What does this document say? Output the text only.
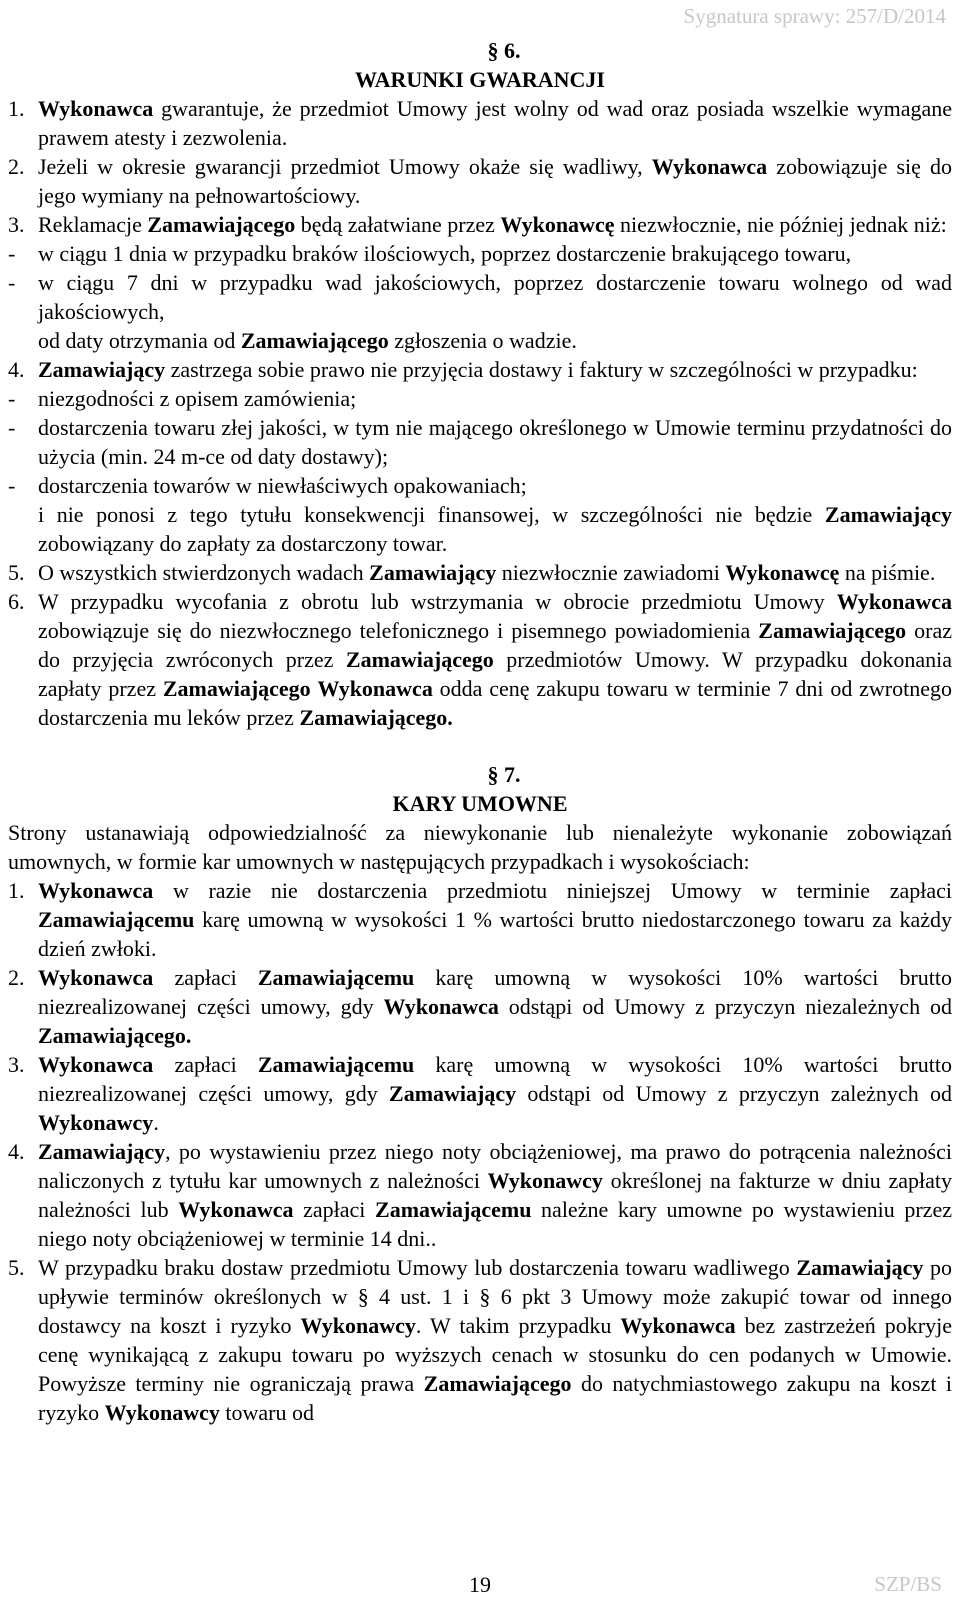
Sygnatura sprawy: 257/D/2014
§ 6.
WARUNKI GWARANCJI
1. Wykonawca gwarantuje, że przedmiot Umowy jest wolny od wad oraz posiada wszelkie wymagane prawem atesty i zezwolenia.
2. Jeżeli w okresie gwarancji przedmiot Umowy okaże się wadliwy, Wykonawca zobowiązuje się do jego wymiany na pełnowartościowy.
3. Reklamacje Zamawiającego będą załatwiane przez Wykonawcę niezwłocznie, nie później jednak niż:
-	w ciągu 1 dnia w przypadku braków ilościowych, poprzez dostarczenie brakującego towaru,
-	w ciągu 7 dni w przypadku wad jakościowych, poprzez dostarczenie towaru wolnego od wad jakościowych,
od daty otrzymania od Zamawiającego zgłoszenia o wadzie.
4. Zamawiający zastrzega sobie prawo nie przyjęcia dostawy i faktury w szczególności w przypadku:
-	niezgodności z opisem zamówienia;
-	dostarczenia towaru złej jakości, w tym nie mającego określonego w Umowie terminu przydatności do użycia (min. 24 m-ce od daty dostawy);
-	dostarczenia towarów w niewłaściwych opakowaniach;
i nie ponosi z tego tytułu konsekwencji finansowej, w szczególności nie będzie Zamawiający zobowiązany do zapłaty za dostarczony towar.
5. O wszystkich stwierdzonych wadach Zamawiający niezwłocznie zawiadomi Wykonawcę na piśmie.
6. W przypadku wycofania z obrotu lub wstrzymania w obrocie przedmiotu Umowy Wykonawca zobowiązuje się do niezwłocznego telefonicznego i pisemnego powiadomienia Zamawiającego oraz do przyjęcia zwróconych przez Zamawiającego przedmiotów Umowy. W przypadku dokonania zapłaty przez Zamawiającego Wykonawca odda cenę zakupu towaru w terminie 7 dni od zwrotnego dostarczenia mu leków przez Zamawiającego.
§ 7.
KARY UMOWNE
Strony ustanawiają odpowiedzialność za niewykonanie lub nienależyte wykonanie zobowiązań umownych, w formie kar umownych w następujących przypadkach i wysokościach:
1. Wykonawca w razie nie dostarczenia przedmiotu niniejszej Umowy w terminie zapłaci Zamawiającemu karę umowną w wysokości 1 % wartości brutto niedostarczonego towaru za każdy dzień zwłoki.
2. Wykonawca zapłaci Zamawiającemu karę umowną w wysokości 10% wartości brutto niezrealizowanej części umowy, gdy Wykonawca odstąpi od Umowy z przyczyn niezależnych od Zamawiającego.
3. Wykonawca zapłaci Zamawiającemu karę umowną w wysokości 10% wartości brutto niezrealizowanej części umowy, gdy Zamawiający odstąpi od Umowy z przyczyn zależnych od Wykonawcy.
4. Zamawiający, po wystawieniu przez niego noty obciążeniowej, ma prawo do potrącenia należności naliczonych z tytułu kar umownych z należności Wykonawcy określonej na fakturze w dniu zapłaty należności lub Wykonawca zapłaci Zamawiającemu należne kary umowne po wystawieniu przez niego noty obciążeniowej w terminie 14 dni..
5. W przypadku braku dostaw przedmiotu Umowy lub dostarczenia towaru wadliwego Zamawiający po upływie terminów określonych w § 4 ust. 1 i § 6 pkt 3 Umowy może zakupić towar od innego dostawcy na koszt i ryzyko Wykonawcy. W takim przypadku Wykonawca bez zastrzeżeń pokryje cenę wynikającą z zakupu towaru po wyższych cenach w stosunku do cen podanych w Umowie. Powyższe terminy nie ograniczają prawa Zamawiającego do natychmiastowego zakupu na koszt i ryzyko Wykonawcy towaru od
19	SZP/BS
